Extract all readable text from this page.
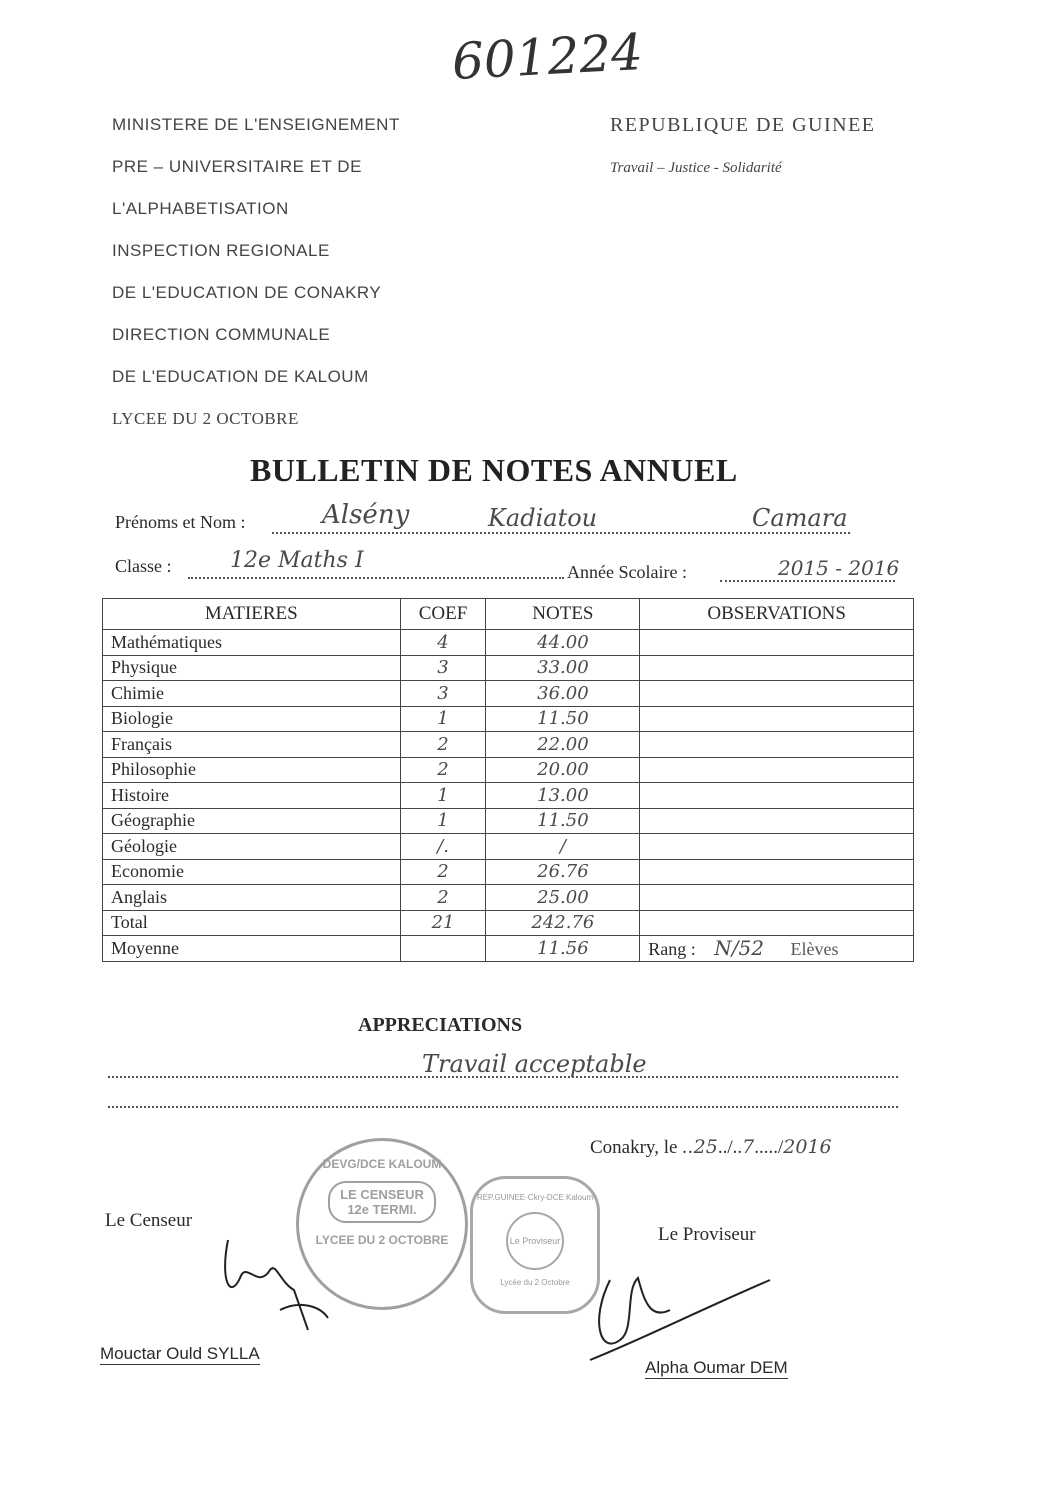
601224
MINISTERE DE L'ENSEIGNEMENT
PRE – UNIVERSITAIRE ET DE
L'ALPHABETISATION
INSPECTION REGIONALE
DE L'EDUCATION DE CONAKRY
DIRECTION COMMUNALE
DE L'EDUCATION DE KALOUM
LYCEE DU 2 OCTOBRE
REPUBLIQUE DE GUINEE
Travail – Justice - Solidarité
BULLETIN DE NOTES ANNUEL
Prénoms et Nom :	Alsény	Kadiatou	Camara
Classe :	12e Maths I	Année Scolaire :	2015 - 2016
MATIERES	COEF	NOTES	OBSERVATIONS
Mathématiques	4	44.00	
Physique	3	33.00	
Chimie	3	36.00	
Biologie	1	11.50	
Français	2	22.00	
Philosophie	2	20.00	
Histoire	1	13.00	
Géographie	1	11.50	
Géologie	/.	/	
Economie	2	26.76	
Anglais	2	25.00	
Total	21	242.76	
Moyenne		11.56	Rang : N/52 Elèves
APPRECIATIONS
Travail acceptable
Conakry, le ..25../..7...../2016
Le Censeur
Le Proviseur
DEVG/DCE KALOUM
LE CENSEUR
12e TERMI.
LYCEE DU 2 OCTOBRE
REP.GUINEE-Ckry-DCE Kaloum
Le Proviseur
Lycée du 2 Octobre
Mouctar Ould SYLLA
Alpha Oumar DEM
